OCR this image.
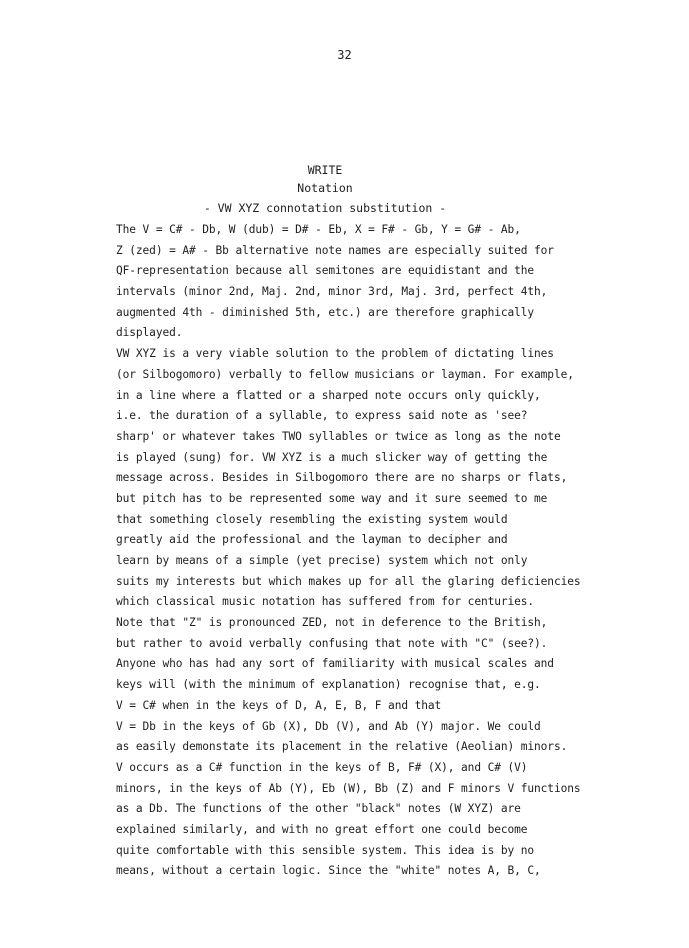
32
WRITE
Notation
- VW XYZ connotation substitution -
The V = C# - Db, W (dub) = D# - Eb, X = F# - Gb, Y = G# - Ab,
Z (zed) = A# - Bb alternative note names are especially suited for
QF-representation because all semitones are equidistant and the
intervals (minor 2nd, Maj. 2nd, minor 3rd, Maj. 3rd, perfect 4th,
augmented 4th - diminished 5th, etc.) are therefore graphically
displayed.
VW XYZ is a very viable solution to the problem of dictating lines
(or Silbogomoro) verbally to fellow musicians or layman. For example,
in a line where a flatted or a sharped note occurs only quickly,
i.e. the duration of a syllable, to express said note as 'see?
sharp' or whatever takes TWO syllables or twice as long as the note
is played (sung) for. VW XYZ is a much slicker way of getting the
message across. Besides in Silbogomoro there are no sharps or flats,
but pitch has to be represented some way and it sure seemed to me
that something closely resembling the existing system would
greatly aid the professional and the layman to decipher and
learn by means of a simple (yet precise) system which not only
suits my interests but which makes up for all the glaring deficiencies
which classical music notation has suffered from for centuries.
Note that "Z" is pronounced ZED, not in deference to the British,
but rather to avoid verbally confusing that note with "C" (see?).
Anyone who has had any sort of familiarity with musical scales and
keys will (with the minimum of explanation) recognise that, e.g.
V = C# when in the keys of D, A, E, B, F and that
V = Db in the keys of Gb (X), Db (V), and Ab (Y) major. We could
as easily demonstate its placement in the relative (Aeolian) minors.
V occurs as a C# function in the keys of B, F# (X), and C# (V)
minors, in the keys of Ab (Y), Eb (W), Bb (Z) and F minors V functions
as a Db. The functions of the other "black" notes (W XYZ) are
explained similarly, and with no great effort one could become
quite comfortable with this sensible system. This idea is by no
means, without a certain logic. Since the "white" notes A, B, C,
